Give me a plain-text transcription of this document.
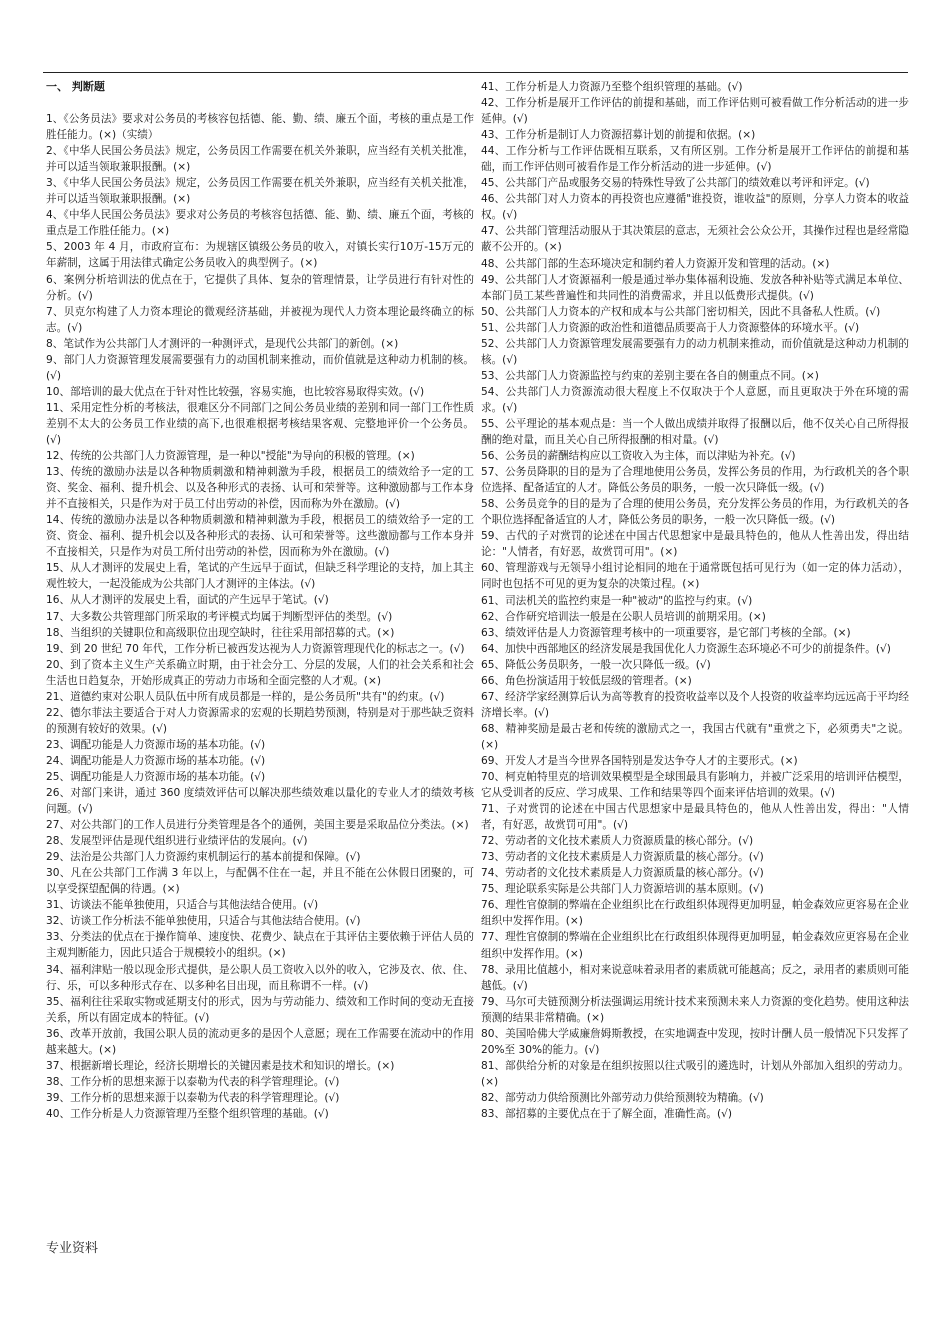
一、 判断题

1、《公务员法》要求对公务员的考核容包括德、能、勤、绩、廉五个面，考核的重点是工作胜任能力。(×)（实绩）

2、《中华人民国公务员法》规定，公务员因工作需要在机关外兼职，应当经有关机关批准，并可以适当领取兼职报酬。(×)

3、《中华人民国公务员法》规定，公务员因工作需要在机关外兼职，应当经有关机关批准，并可以适当领取兼职报酬。(×)

4、《中华人民国公务员法》要求对公务员的考核容包括德、能、勤、绩、廉五个面，考核的重点是工作胜任能力。(×)

5、2003 年 4 月，市政府宣布：为规辖区镇级公务员的收入，对镇长实行10万-15万元的年薪制，这属于用法律式确定公务员收入的典型例子。(×)

6、案例分析培训法的优点在于，它提供了具体、复杂的管理情景，让学员进行有针对性的分析。(√)

7、贝克尔构建了人力资本理论的微观经济基础，并被视为现代人力资本理论最终确立的标志。(√)

8、笔试作为公共部门人才测评的一种测评式，是现代公共部门的新创。(×)

9、部门人力资源管理发展需要强有力的动国机制来推动，而价值就是这种动力机制的核。(√)

10、部培训的最大优点在于针对性比较强，容易实施，也比较容易取得实效。(√)

11、采用定性分析的考核法，很难区分不同部门之间公务员业绩的差别和同一部门工作性质差别不太大的公务员工作业绩的高下,也很难根据考核结果客观、完整地评价一个公务员。(√)

12、传统的公共部门人力资源管理，是一种以"授能"为导向的积极的管理。(×)

13、传统的激励办法是以各种物质刺激和精神刺激为手段，根据员工的绩效给予一定的工资、奖金、福利、提升机会、以及各种形式的表扬、认可和荣誉等。这种激励都与工作本身并不直接相关，只是作为对于员工付出劳动的补偿，因而称为外在激励。(√)

14、传统的激励办法是以各种物质刺激和精神刺激为手段，根据员工的绩效给予一定的工资、资金、福利、提升机会以及各种形式的表扬、认可和荣誉等。这些激励都与工作本身并不直接相关，只是作为对员工所付出劳动的补偿，因而称为外在激励。(√)

15、从人才测评的发展史上看，笔试的产生远早于面试，但缺乏科学理论的支持，加上其主观性较大，一起没能成为公共部门人才测评的主体法。(√)

16、从人才测评的发展史上看，面试的产生远早于笔试。(√)

17、大多数公共管理部门所采取的考评模式均属于判断型评估的类型。(√)

18、当组织的关键职位和高级职位出现空缺时，往往采用部招募的式。(×)

19、到 20 世纪 70 年代，工作分析已被西发达视为人力资源管理现代化的标志之一。(√)

20、到了资本主义生产关系确立时期，由于社会分工、分层的发展，人们的社会关系和社会生活也日趋复杂，开始形成真正的劳动力市场和全面完整的人才观。(×)

21、道德约束对公职人员队伍中所有成员都是一样的，是公务员所"共有"的约束。(√)

22、德尔菲法主要适合于对人力资源需求的宏观的长期趋势预测，特别是对于那些缺乏资料的预测有较好的效果。(√)

23、调配功能是人力资源市场的基本功能。(√)

24、调配功能是人力资源市场的基本功能。(√)

25、调配功能是人力资源市场的基本功能。(√)

26、对部门来讲，通过 360 度绩效评估可以解决那些绩效难以量化的专业人才的绩效考核问题。(√)

27、对公共部门的工作人员进行分类管理是各个的通例，美国主要是采取品位分类法。(×)

28、发展型评估是现代组织进行业绩评估的发展向。(√)

29、法治是公共部门人力资源约束机制运行的基本前提和保障。(√)

30、凡在公共部门工作满 3 年以上，与配偶不住在一起，并且不能在公休假日团聚的，可以享受探望配偶的待遇。(×)

31、访谈法不能单独使用，只适合与其他法结合使用。(√)

32、访谈工作分析法不能单独使用，只适合与其他法结合使用。(√)

33、分类法的优点在于操作简单、速度快、花费少、缺点在于其评估主要依赖于评估人员的主观判断能力，因此只适合于规模较小的组织。(×)

34、福利津贴一般以现金形式提供，是公职人员工资收入以外的收入，它涉及衣、依、住、行、乐，可以多种形式存在、以多种名目出现，而且称谓不一样。(√)

35、福利往往采取实物或延期支付的形式，因为与劳动能力、绩效和工作时间的变动无直接关系，所以有固定成本的特征。(√)

36、改革开放前，我国公职人员的流动更多的是因个人意愿；现在工作需要在流动中的作用越来越大。(×)

37、根据新增长理论，经济长期增长的关键因素是技术和知识的增长。(×)

38、工作分析的思想来源于以泰勒为代表的科学管理理论。(√)

39、工作分析的思想来源于以泰勒为代表的科学管理理论。(√)

40、工作分析是人力资源管理乃至整个组织管理的基础。(√)

41、工作分析是人力资源乃至整个组织管理的基础。(√)

42、工作分析是展开工作评估的前提和基础，而工作评估则可被看做工作分析活动的进一步延伸。(√)

43、工作分析是制订人力资源招募计划的前提和依据。(×)

44、工作分析与工作评估既相互联系，又有所区别。工作分析是展开工作评估的前提和基础，而工作评估则可被看作是工作分析活动的进一步延伸。(√)

45、公共部门产品或服务交易的特殊性导致了公共部门的绩效难以考评和评定。(√)

46、公共部门对人力资本的再投资也应遵循"谁投资，谁收益"的原则，分享人力资本的收益权。(√)

47、公共部门管理活动服从于其决策层的意志，无须社会公众公开，其操作过程也是经常隐蔽不公开的。(×)

48、公共部门部的生态环境决定和制约着人力资源开发和管理的活动。(×)

49、公共部门人才资源福利一般是通过举办集体福利设施、发放各种补贴等式满足本单位、本部门员工某些普遍性和共同性的消费需求，并且以低费形式提供。(√)

50、公共部门人力资本的产权和成本与公共部门密切相关，因此不具备私人性质。(√)

51、公共部门人力资源的政治性和道德品质要高于人力资源整体的环境水平。(√)

52、公共部门人力资源管理发展需要强有力的动力机制来推动，而价值就是这种动力机制的核。(√)

53、公共部门人力资源监控与约束的差别主要在各自的侧重点不同。(×)

54、公共部门人力资源流动很大程度上不仅取决于个人意愿，而且更取决于外在环境的需求。(√)

55、公平理论的基本观点是：当一个人做出成绩并取得了报酬以后，他不仅关心自己所得报酬的绝对量，而且关心自己所得报酬的相对量。(√)

56、公务员的薪酬结构应以工资收入为主体，而以津贴为补充。(√)

57、公务员降职的目的是为了合理地使用公务员，发挥公务员的作用，为行政机关的各个职位选择、配备适宜的人才。降低公务员的职务，一般一次只降低一级。(√)

58、公务员竞争的目的是为了合理的使用公务员，充分发挥公务员的作用，为行政机关的各个职位选择配备适宜的人才，降低公务员的职务，一般一次只降低一级。(√)

59、古代的子对赏罚的论述在中国古代思想家中是最具特色的，他从人性善出发，得出结论："人情者，有好恶，故赏罚可用"。(×)

60、管理游戏与无领导小组讨论相同的地在于通常既包括可见行为（如一定的体力活动），同时也包括不可见的更为复杂的决策过程。(×)

61、司法机关的监控约束是一种"被动"的监控与约束。(√)

62、合作研究培训法一般是在公职人员培训的前期采用。(×)

63、绩效评估是人力资源管理考核中的一项重要容，是它部门考核的全部。(×)

64、加快中西部地区的经济发展是我国优化人力资源生态环境必不可少的前提条件。(√)

65、降低公务员职务，一般一次只降低一级。(√)

66、角色扮演适用于较低层级的管理者。(×)

67、经济学家经测算后认为高等教育的投资收益率以及个人投资的收益率均远远高于平均经济增长率。(√)

68、精神奖励是最古老和传统的激励式之一，我国古代就有"重赏之下，必须勇夫"之说。(×)

69、开发人才是当今世界各国特别是发达争夺人才的主要形式。(×)

70、柯克帕特里克的培训效果模型是全球围最具有影响力，并被广泛采用的培训评估模型，它从受训者的反应、学习成果、工作和结果等四个面来评估培训的效果。(√)

71、子对赏罚的论述在中国古代思想家中是最具特色的，他从人性善出发，得出："人情者，有好恶，故赏罚可用"。(√)

72、劳动者的文化技术素质人力资源质量的核心部分。(√)

73、劳动者的文化技术素质是人力资源质量的核心部分。(√)

74、劳动者的文化技术素质是人力资源质量的核心部分。(√)

75、理论联系实际是公共部门人力资源培训的基本原则。(√)

76、理性官僚制的弊端在企业组织比在行政组织体现得更加明显，帕金森效应更容易在企业组织中发挥作用。(×)

77、理性官僚制的弊端在企业组织比在行政组织体现得更加明显，帕金森效应更容易在企业组织中发挥作用。(×)

78、录用比值越小，相对来说意味着录用者的素质就可能越高；反之，录用者的素质则可能越低。(√)

79、马尔可夫链预测分析法强调运用统计技术来预测未来人力资源的变化趋势。使用这种法预测的结果非常精确。(×)

80、美国哈佛大学威廉詹姆斯教授，在实地调查中发现，按时计酬人员一般情况下只发挥了 20%至 30%的能力。(√)

81、部供给分析的对象是在组织按照以往式吸引的遴选时，计划从外部加入组织的劳动力。(×)

82、部劳动力供给预测比外部劳动力供给预测较为精确。(√)

83、部招募的主要优点在于了解全面，准确性高。(√)

专业资料
